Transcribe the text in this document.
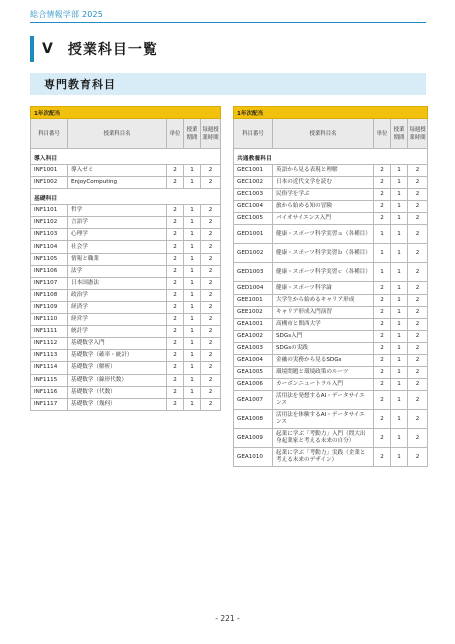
総合情報学部 2025
Ⅴ 授業科目一覧
専門教育科目
1年次配当				
科目番号	授業科目名	単位	授業期間	毎週授業時間
導入科目				
INF1001	導入ゼミ	2	1	2
INF1002	EnjoyComputing	2	1	2
基礎科目				
INF1101	哲学	2	1	2
INF1102	言語学	2	1	2
INF1103	心理学	2	1	2
INF1104	社会学	2	1	2
INF1105	情報と職業	2	1	2
INF1106	法学	2	1	2
INF1107	日本国憲法	2	1	2
INF1108	政治学	2	1	2
INF1109	経済学	2	1	2
INF1110	経営学	2	1	2
INF1111	統計学	2	1	2
INF1112	基礎数学入門	2	1	2
INF1113	基礎数学（確率・統計）	2	1	2
INF1114	基礎数学（解析）	2	1	2
INF1115	基礎数学（線形代数）	2	1	2
INF1116	基礎数学（代数）	2	1	2
INF1117	基礎数学（幾何）	2	1	2
1年次配当				
科目番号	授業科目名	単位	授業期間	毎週授業時間
共通教養科目				
GEC1001	英語から見る表現と理解	2	1	2
GEC1002	日本の近代文学を読む	2	1	2
GEC1003	民俗学を学ぶ	2	1	2
GEC1004	旅から始める知の冒険	2	1	2
GEC1005	バイオサイエンス入門	2	1	2
GED1001	健康・スポーツ科学実習ａ（各種目）	1	1	2
GED1002	健康・スポーツ科学実習ｂ（各種目）	1	1	2
GED1003	健康・スポーツ科学実習ｃ（各種目）	1	1	2
GED1004	健康・スポーツ科学論	2	1	2
GEE1001	大学生から始めるキャリア形成	2	1	2
GEE1002	キャリア形成入門演習	2	1	2
GEA1001	高槻市と関西大学	2	1	2
GEA1002	SDGs入門	2	1	2
GEA1003	SDGsの実践	2	1	2
GEA1004	金融の実務から見るSDGs	2	1	2
GEA1005	環境問題と環境政策のルーツ	2	1	2
GEA1006	カーボンニュートラル入門	2	1	2
GEA1007	活用法を発想するAI・データサイエンス	2	1	2
GEA1008	活用法を体験するAI・データサイエンス	2	1	2
GEA1009	起業に学ぶ「考動力」入門（問大出身起業家と考える未来の自分）	2	1	2
GEA1010	起業に学ぶ「考動力」実践（企業と考える未来のデザイン）	2	1	2
- 221 -
